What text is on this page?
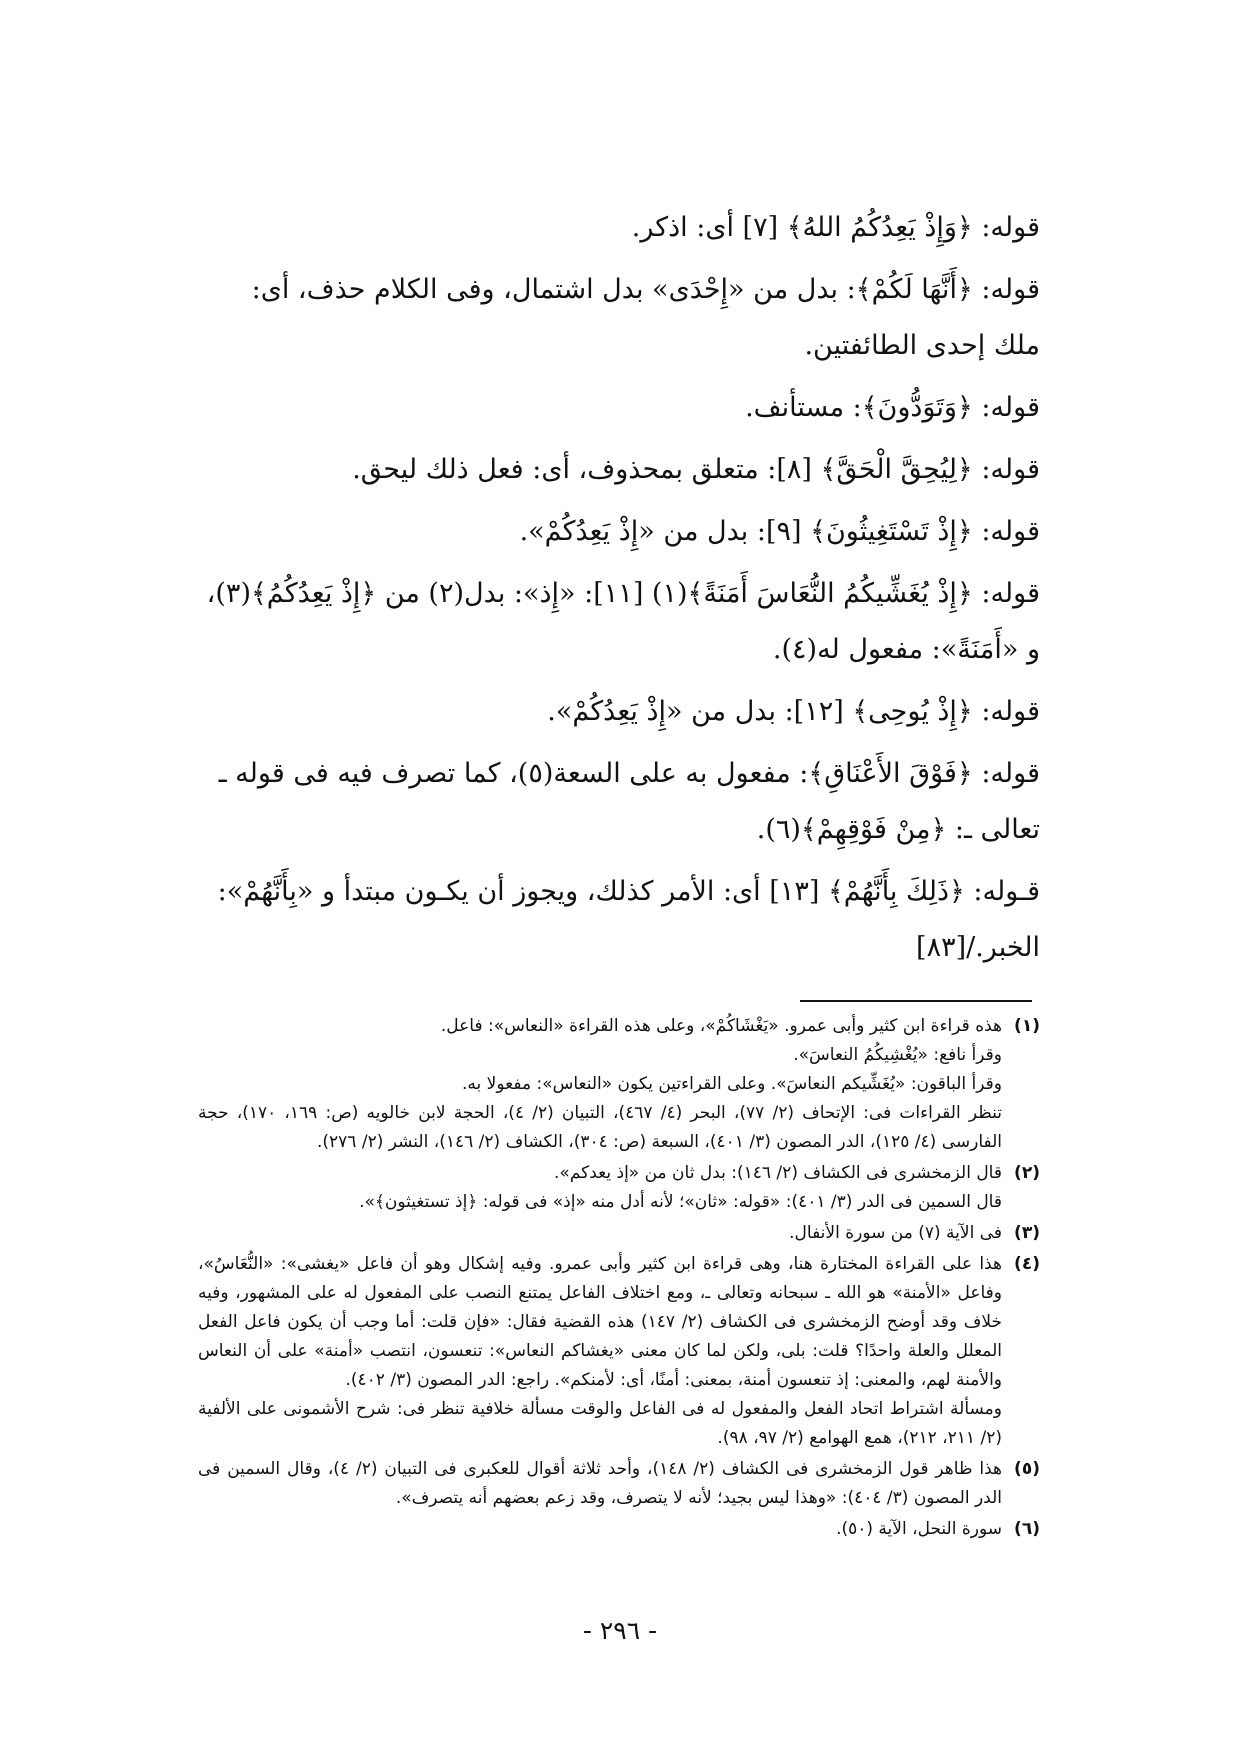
قوله: ﴿وَإِذْ يَعِدُكُمُ اللهُ﴾ [٧] أى: اذكر.

قوله: ﴿أَنَّهَا لَكُمْ﴾: بدل من «إِحْدَى» بدل اشتمال، وفى الكلام حذف، أى: ملك إحدى الطائفتين.

قوله: ﴿وَتَوَدُّونَ﴾: مستأنف.

قوله: ﴿لِيُحِقَّ الْحَقَّ﴾ [٨]: متعلق بمحذوف، أى: فعل ذلك ليحق.

قوله: ﴿إِذْ تَسْتَغِيثُونَ﴾ [٩]: بدل من «إِذْ يَعِدُكُمْ».

قوله: ﴿إِذْ يُغَشِّيكُمُ النُّعَاسَ أَمَنَةً﴾(١) [١١]: «إِذ»: بدل(٢) من ﴿إِذْ يَعِدُكُمُ﴾(٣)، و «أَمَنَةً»: مفعول له(٤).

قوله: ﴿إِذْ يُوحِى﴾ [١٢]: بدل من «إِذْ يَعِدُكُمْ».

قوله: ﴿فَوْقَ الأَعْنَاقِ﴾: مفعول به على السعة(٥)، كما تصرف فيه فى قوله ـ تعالى ـ: ﴿مِنْ فَوْقِهِمْ﴾(٦).

قـوله: ﴿ذَلِكَ بِأَنَّهُمْ﴾ [١٣] أى: الأمر كذلك، ويجوز أن يكـون مبتدأ و «بِأَنَّهُمْ»: الخبر./[٨٣]

(١)
هذه قراءة ابن كثير وأبى عمرو. «يَغْشَاكُمْ»، وعلى هذه القراءة «النعاس»: فاعل.
وقرأ نافع: «يُغْشِيكُمُ النعاسَ».
وقرأ الباقون: «يُغَشِّيكم النعاسَ». وعلى القراءتين يكون «النعاس»: مفعولا به.
تنظر القراءات فى: الإتحاف (٢/ ٧٧)، البحر (٤/ ٤٦٧)، التبيان (٢/ ٤)، الحجة لابن خالويه (ص: ١٦٩، ١٧٠)، حجة الفارسى (٤/ ١٢٥)، الدر المصون (٣/ ٤٠١)، السبعة (ص: ٣٠٤)، الكشاف (٢/ ١٤٦)، النشر (٢/ ٢٧٦).
(٢)
قال الزمخشرى فى الكشاف (٢/ ١٤٦): بدل ثان من «إذ يعدكم».
قال السمين فى الدر (٣/ ٤٠١): «قوله: «ثان»؛ لأنه أدل منه «إذ» فى قوله: ﴿إذ تستغيثون﴾».
(٣)
فى الآية (٧) من سورة الأنفال.
(٤)
هذا على القراءة المختارة هنا، وهى قراءة ابن كثير وأبى عمرو. وفيه إشكال وهو أن فاعل «يغشى»: «النُّعَاسُ»، وفاعل «الأمنة» هو الله ـ سبحانه وتعالى ـ، ومع اختلاف الفاعل يمتنع النصب على المفعول له على المشهور، وفيه خلاف وقد أوضح الزمخشرى فى الكشاف (٢/ ١٤٧) هذه القضية فقال: «فإن قلت: أما وجب أن يكون فاعل الفعل المعلل والعلة واحدًا؟ قلت: بلى، ولكن لما كان معنى «يغشاكم النعاس»: تنعسون، انتصب «أمنة» على أن النعاس والأمنة لهم، والمعنى: إذ تنعسون أمنة، بمعنى: أمنًا، أى: لأمنكم». راجع: الدر المصون (٣/ ٤٠٢).
ومسألة اشتراط اتحاد الفعل والمفعول له فى الفاعل والوقت مسألة خلافية تنظر فى: شرح الأشمونى على الألفية (٢/ ٢١١، ٢١٢)، همع الهوامع (٢/ ٩٧، ٩٨).
(٥)
هذا ظاهر قول الزمخشرى فى الكشاف (٢/ ١٤٨)، وأحد ثلاثة أقوال للعكبرى فى التبيان (٢/ ٤)، وقال السمين فى الدر المصون (٣/ ٤٠٤): «وهذا ليس بجيد؛ لأنه لا يتصرف، وقد زعم بعضهم أنه يتصرف».
(٦)
سورة النحل، الآية (٥٠).
- ٢٩٦ -
